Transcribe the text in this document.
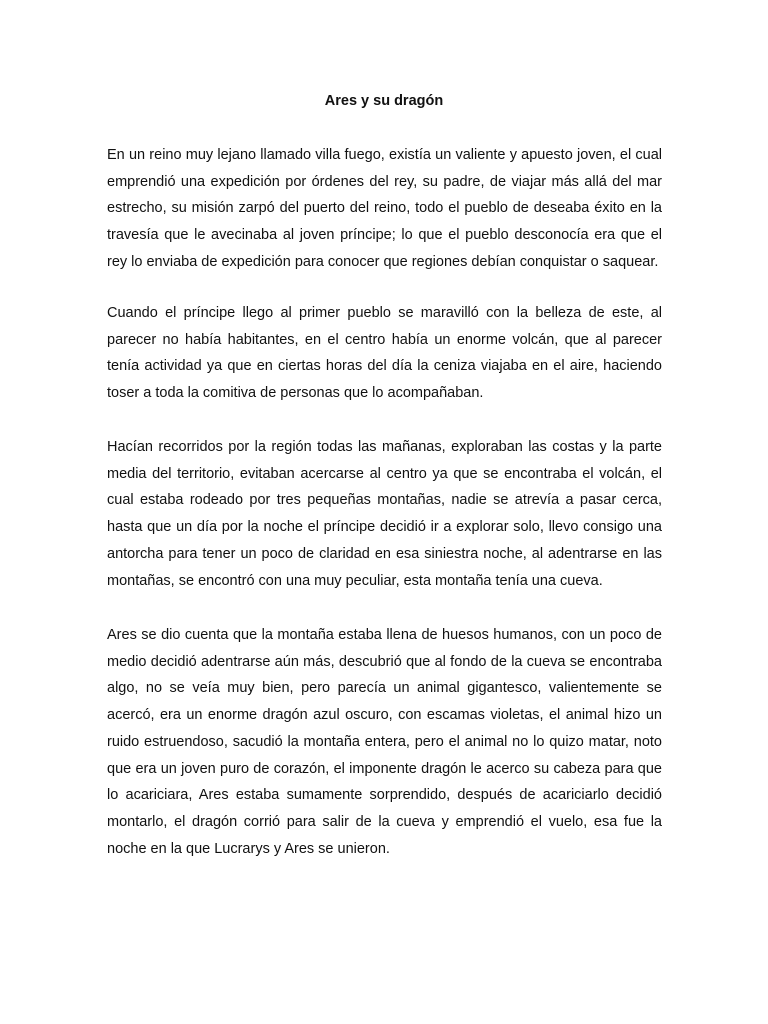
Ares y su dragón

En un reino muy lejano llamado villa fuego, existía un valiente y apuesto joven, el cual emprendió una expedición por órdenes del rey, su padre, de viajar más allá del mar estrecho, su misión zarpó del puerto del reino, todo el pueblo de deseaba éxito en la travesía que le avecinaba al joven príncipe; lo que el pueblo desconocía era que el rey lo enviaba de expedición para conocer que regiones debían conquistar o saquear.

Cuando el príncipe llego al primer pueblo se maravilló con la belleza de este, al parecer no había habitantes, en el centro había un enorme volcán, que al parecer tenía actividad ya que en ciertas horas del día la ceniza viajaba en el aire, haciendo toser a toda la comitiva de personas que lo acompañaban.

Hacían recorridos por la región todas las mañanas, exploraban las costas y la parte media del territorio, evitaban acercarse al centro ya que se encontraba el volcán, el cual estaba rodeado por tres pequeñas montañas, nadie se atrevía a pasar cerca, hasta que un día por la noche el príncipe decidió ir a explorar solo, llevo consigo una antorcha para tener un poco de claridad en esa siniestra noche, al adentrarse en las montañas, se encontró con una muy peculiar, esta montaña tenía una cueva.

Ares se dio cuenta que la montaña estaba llena de huesos humanos, con un poco de medio decidió adentrarse aún más, descubrió que al fondo de la cueva se encontraba algo, no se veía muy bien, pero parecía un animal gigantesco, valientemente se acercó, era un enorme dragón azul oscuro, con escamas violetas, el animal hizo un ruido estruendoso, sacudió la montaña entera, pero el animal no lo quizo matar, noto que era un joven puro de corazón, el imponente dragón le acerco su cabeza para que lo acariciara, Ares estaba sumamente sorprendido, después de acariciarlo decidió montarlo, el dragón corrió para salir de la cueva y emprendió el vuelo, esa fue la noche en la que Lucrarys y Ares se unieron.
